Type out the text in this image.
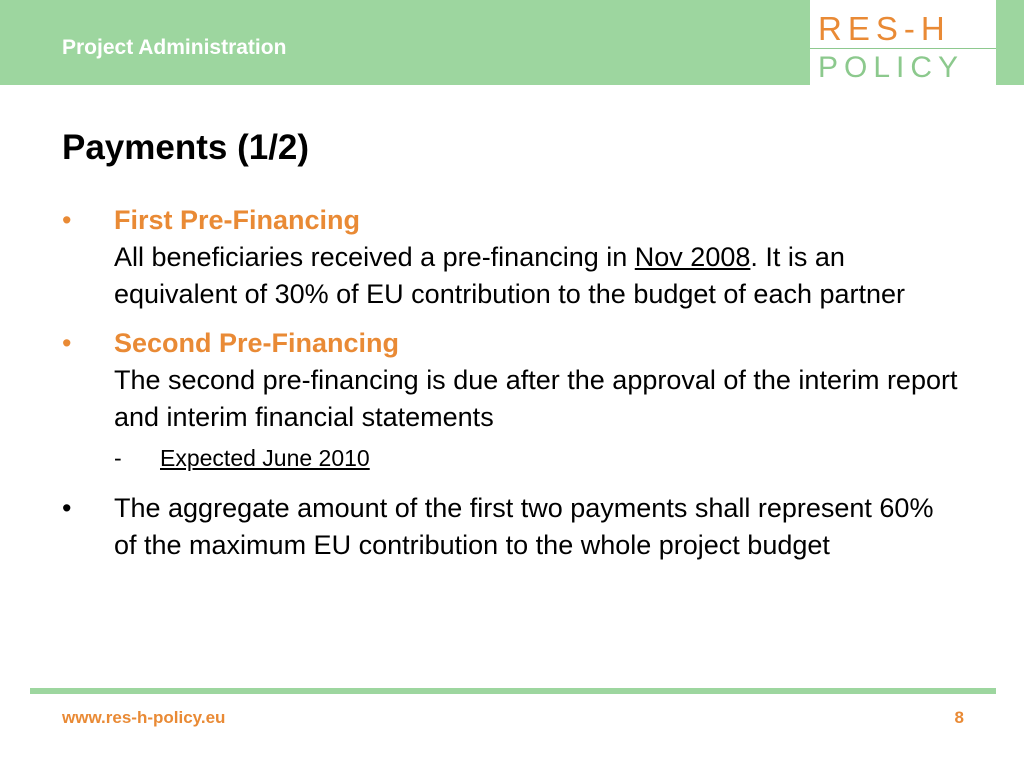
Project Administration
RES-H
POLICY
Payments (1/2)
• First Pre-Financing
All beneficiaries received a pre-financing in Nov 2008. It is an equivalent of 30% of EU contribution to the budget of each partner
• Second Pre-Financing
The second pre-financing is due after the approval of the interim report and interim financial statements
- Expected June 2010
• The aggregate amount of the first two payments shall represent 60% of the maximum EU contribution to the whole project budget
www.res-h-policy.eu	8
